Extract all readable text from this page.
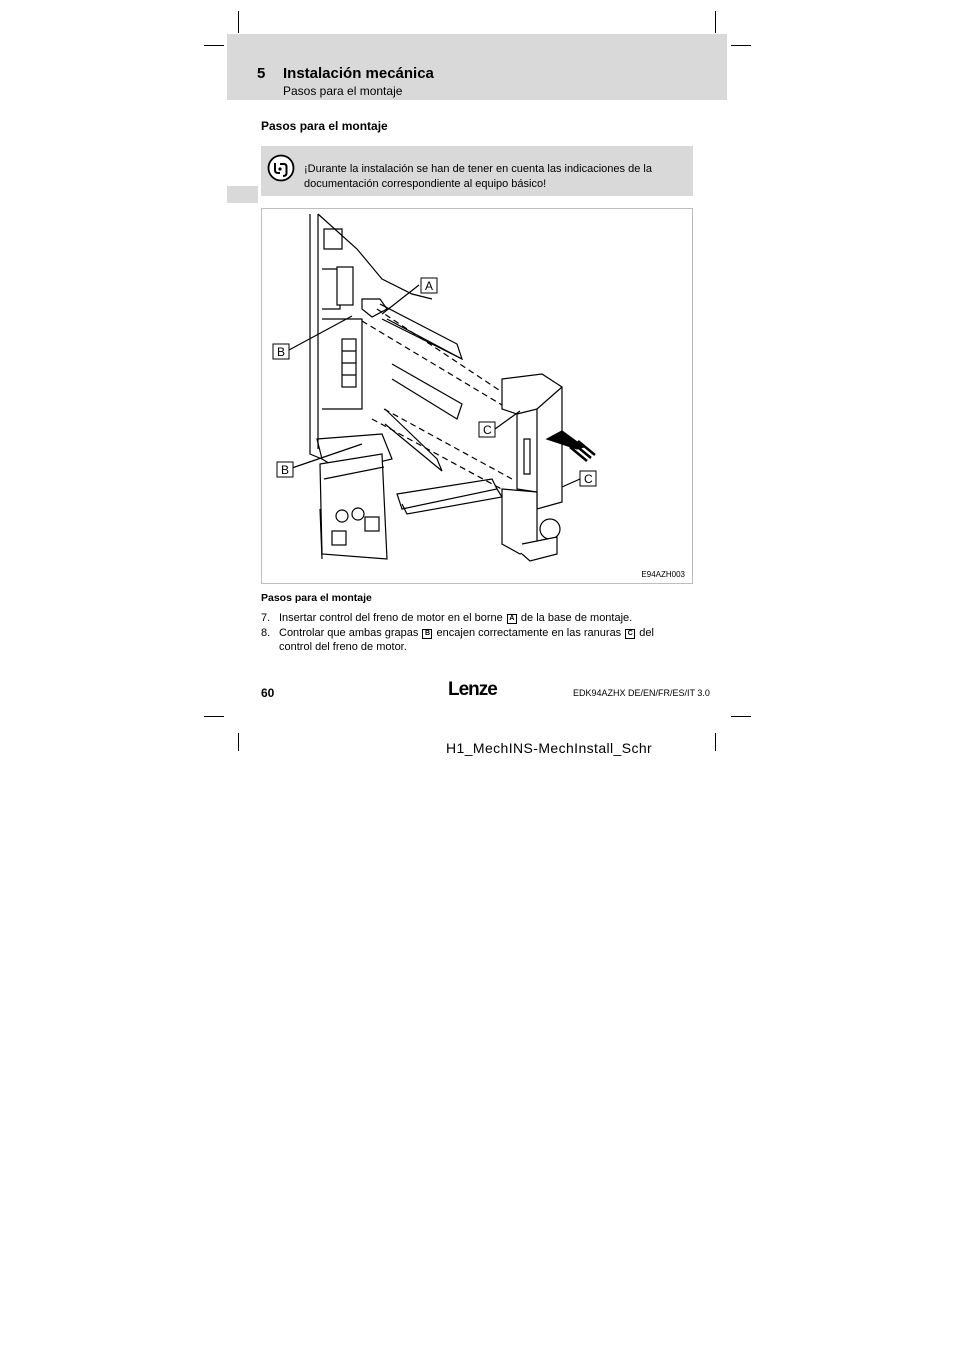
5 Instalación mecánica
Pasos para el montaje
Pasos para el montaje
¡Durante la instalación se han de tener en cuenta las indicaciones de la documentación correspondiente al equipo básico!
A
B
B
C
C
E94AZH003
Pasos para el montaje
7. Insertar control del freno de motor en el borne A de la base de montaje.
8. Controlar que ambas grapas B encajen correctamente en las ranuras C del control del freno de motor.
60	Lenze	EDK94AZHX DE/EN/FR/ES/IT 3.0
H1_MechINS-MechInstall_Schr
